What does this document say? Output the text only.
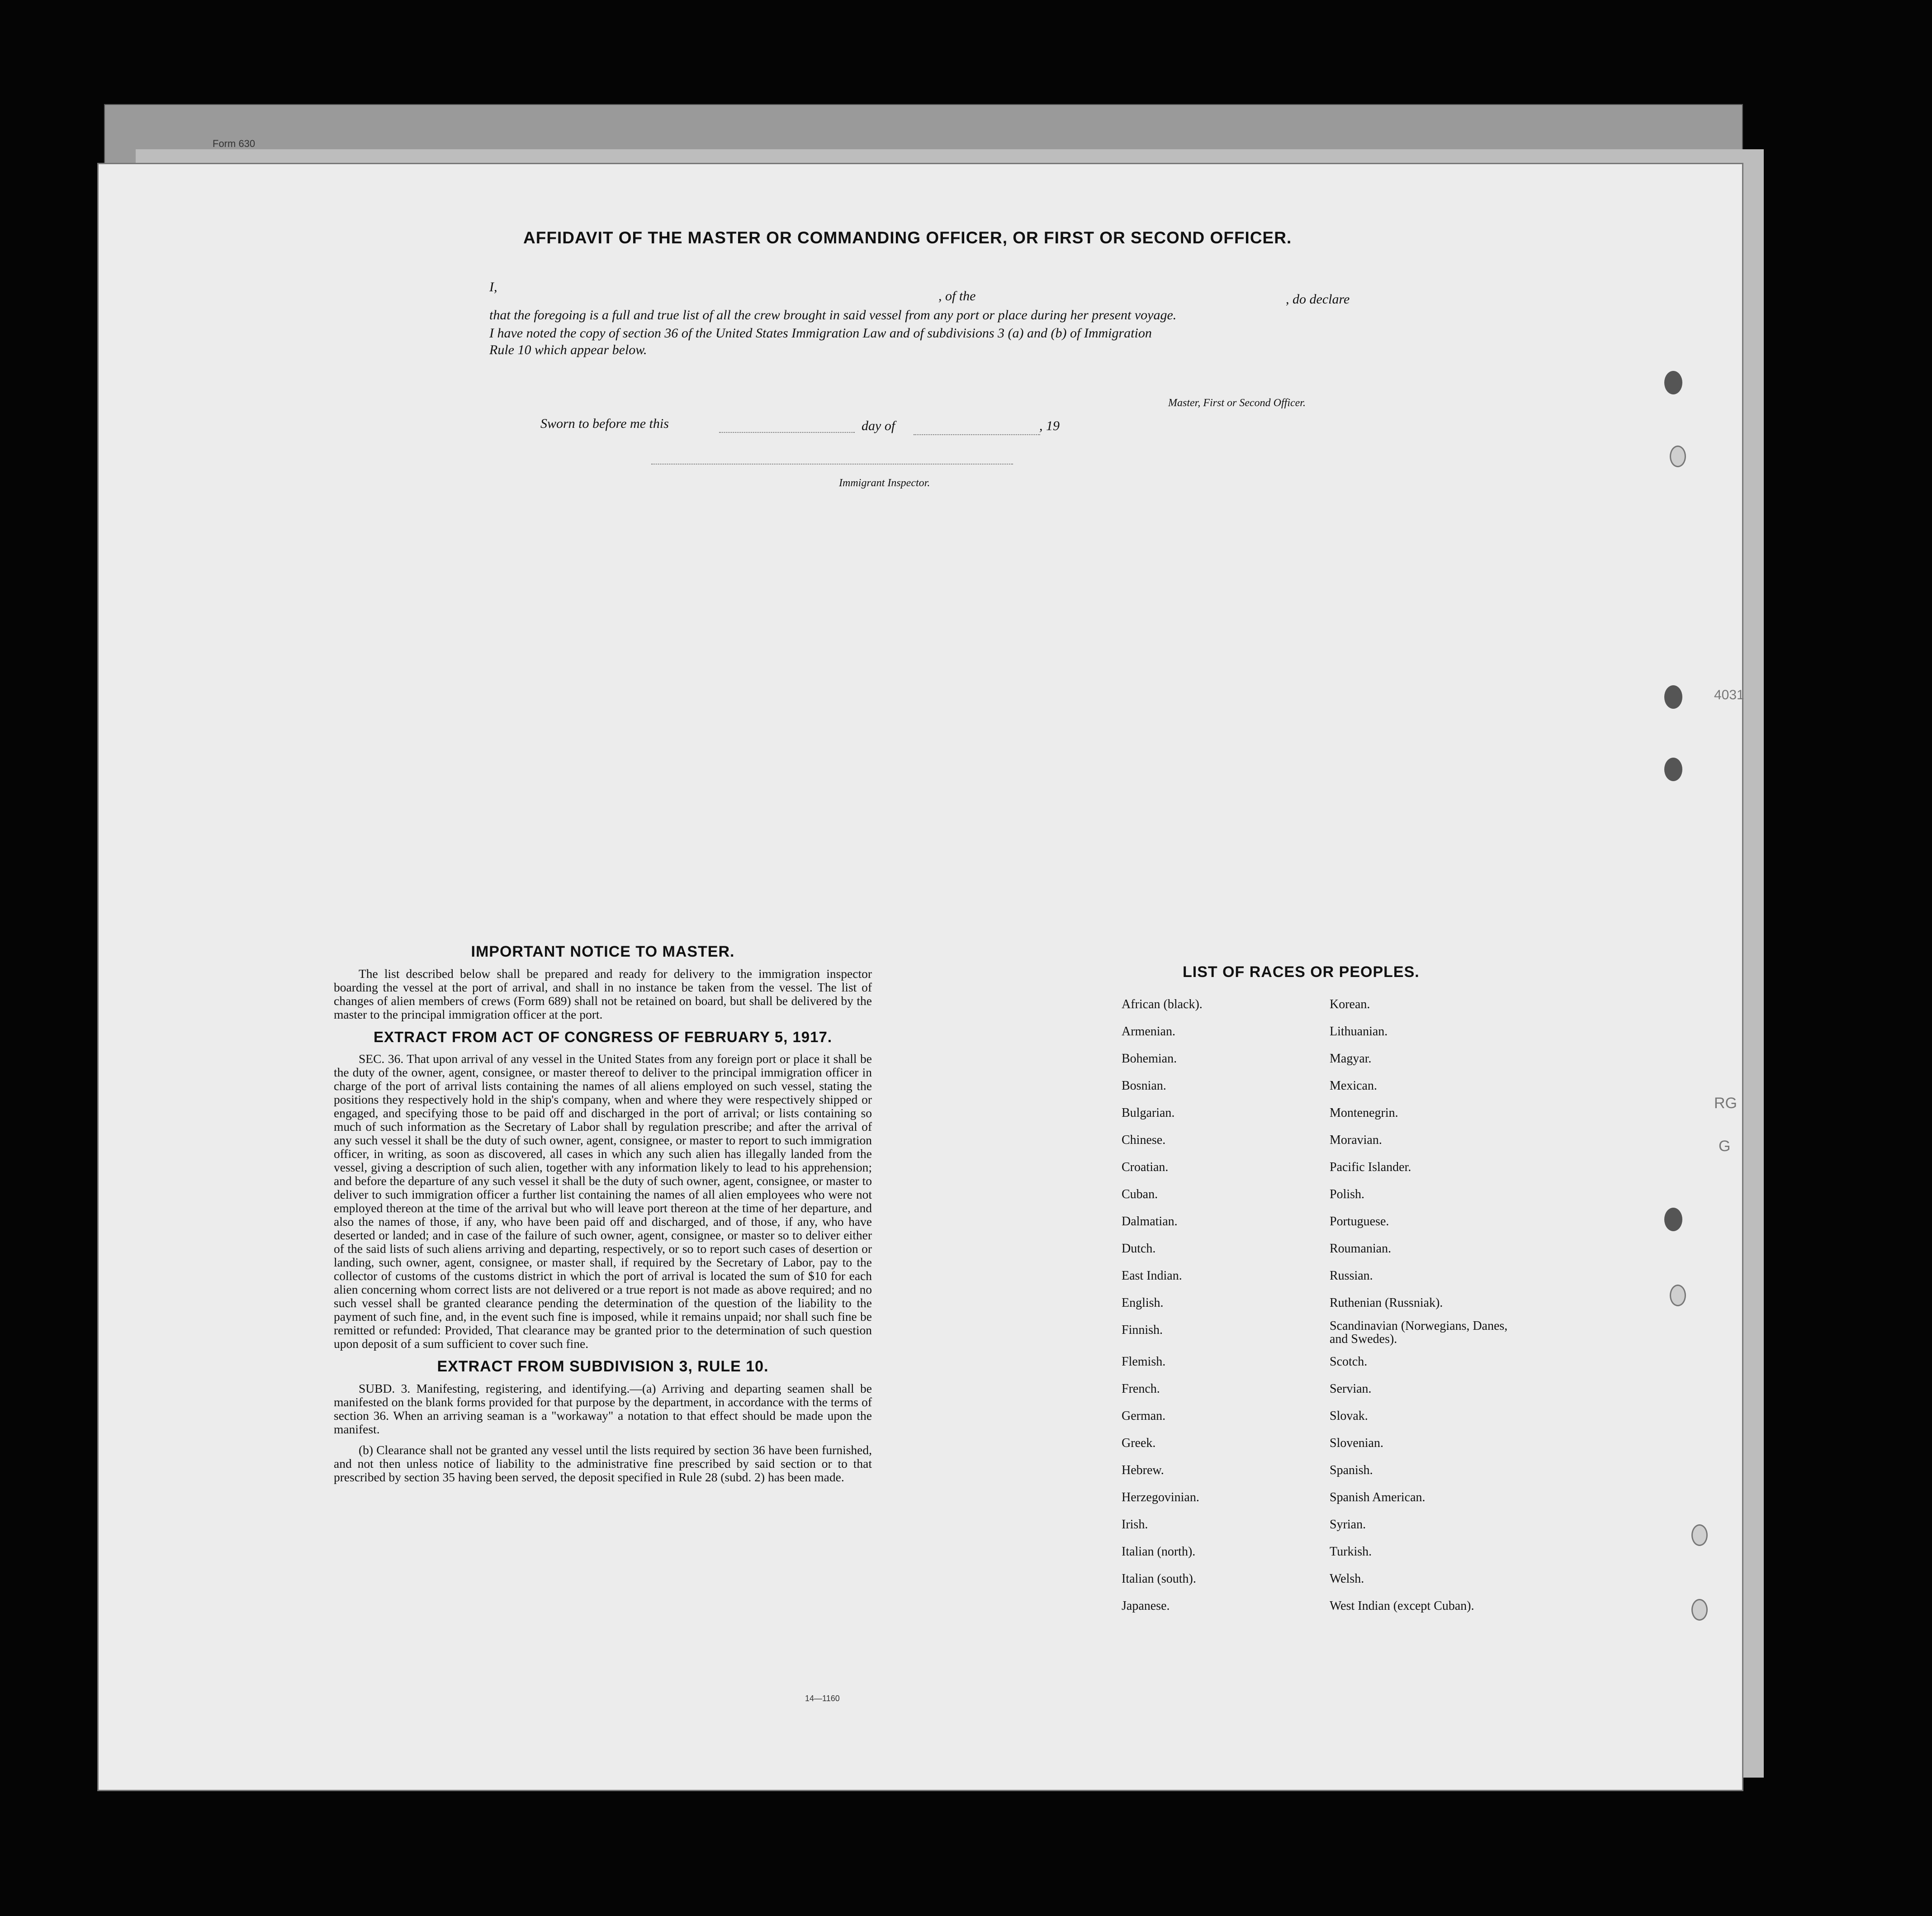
Form 630
RG
G
4031
AFFIDAVIT OF THE MASTER OR COMMANDING OFFICER, OR FIRST OR SECOND OFFICER.
I,
, of the	, do declare
that the foregoing is a full and true list of all the crew brought in said vessel from any port or place during her present voyage.
I have noted the copy of section 36 of the United States Immigration Law and of subdivisions 3 (a) and (b) of Immigration
Rule 10 which appear below.
Master, First or Second Officer.
Sworn to before me this	day of	, 19
Immigrant Inspector.
IMPORTANT NOTICE TO MASTER.

The list described below shall be prepared and ready for delivery to the immigration inspector boarding the vessel at the port of arrival, and shall in no instance be taken from the vessel. The list of changes of alien members of crews (Form 689) shall not be retained on board, but shall be delivered by the master to the principal immigration officer at the port.

EXTRACT FROM ACT OF CONGRESS OF FEBRUARY 5, 1917.

SEC. 36. That upon arrival of any vessel in the United States from any foreign port or place it shall be the duty of the owner, agent, consignee, or master thereof to deliver to the principal immigration officer in charge of the port of arrival lists containing the names of all aliens employed on such vessel, stating the positions they respectively hold in the ship's company, when and where they were respectively shipped or engaged, and specifying those to be paid off and discharged in the port of arrival; or lists containing so much of such information as the Secretary of Labor shall by regulation prescribe; and after the arrival of any such vessel it shall be the duty of such owner, agent, consignee, or master to report to such immigration officer, in writing, as soon as discovered, all cases in which any such alien has illegally landed from the vessel, giving a description of such alien, together with any information likely to lead to his apprehension; and before the departure of any such vessel it shall be the duty of such owner, agent, consignee, or master to deliver to such immigration officer a further list containing the names of all alien employees who were not employed thereon at the time of the arrival but who will leave port thereon at the time of her departure, and also the names of those, if any, who have been paid off and discharged, and of those, if any, who have deserted or landed; and in case of the failure of such owner, agent, consignee, or master so to deliver either of the said lists of such aliens arriving and departing, respectively, or so to report such cases of desertion or landing, such owner, agent, consignee, or master shall, if required by the Secretary of Labor, pay to the collector of customs of the customs district in which the port of arrival is located the sum of $10 for each alien concerning whom correct lists are not delivered or a true report is not made as above required; and no such vessel shall be granted clearance pending the determination of the question of the liability to the payment of such fine, and, in the event such fine is imposed, while it remains unpaid; nor shall such fine be remitted or refunded: Provided, That clearance may be granted prior to the determination of such question upon deposit of a sum sufficient to cover such fine.

EXTRACT FROM SUBDIVISION 3, RULE 10.

SUBD. 3. Manifesting, registering, and identifying.—(a) Arriving and departing seamen shall be manifested on the blank forms provided for that purpose by the department, in accordance with the terms of section 36. When an arriving seaman is a "workaway" a notation to that effect should be made upon the manifest.

(b) Clearance shall not be granted any vessel until the lists required by section 36 have been furnished, and not then unless notice of liability to the administrative fine prescribed by said section or to that prescribed by section 35 having been served, the deposit specified in Rule 28 (subd. 2) has been made.

14—1160
LIST OF RACES OR PEOPLES.
African (black).	Korean.
Armenian.	Lithuanian.
Bohemian.	Magyar.
Bosnian.	Mexican.
Bulgarian.	Montenegrin.
Chinese.	Moravian.
Croatian.	Pacific Islander.
Cuban.	Polish.
Dalmatian.	Portuguese.
Dutch.	Roumanian.
East Indian.	Russian.
English.	Ruthenian (Russniak).
Finnish.	Scandinavian (Norwegians, Danes, and Swedes).
Flemish.	Scotch.
French.	Servian.
German.	Slovak.
Greek.	Slovenian.
Hebrew.	Spanish.
Herzegovinian.	Spanish American.
Irish.	Syrian.
Italian (north).	Turkish.
Italian (south).	Welsh.
Japanese.	West Indian (except Cuban).
